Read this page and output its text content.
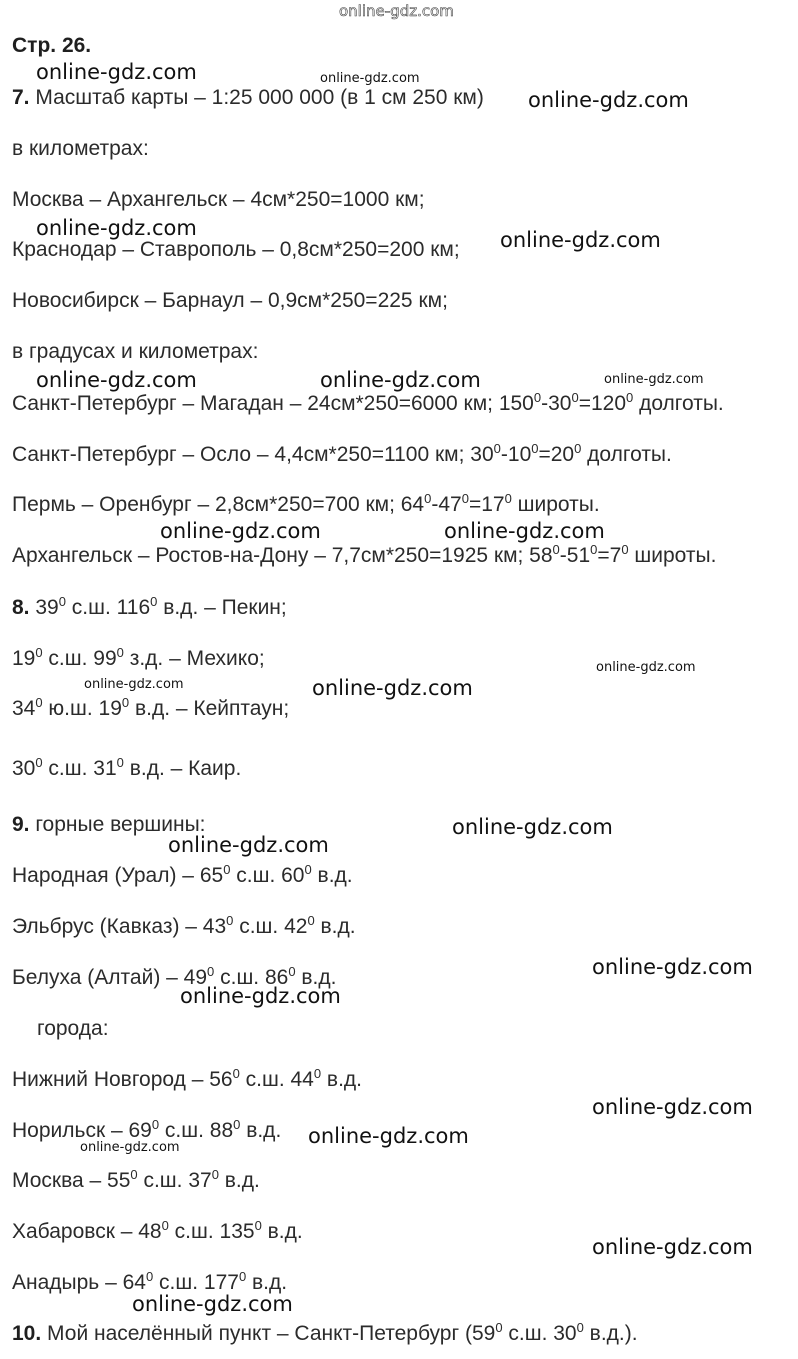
Стр. 26.
7. Масштаб карты – 1:25 000 000 (в 1 см 250 км)
в километрах:
Москва – Архангельск – 4см*250=1000 км;
Краснодар – Ставрополь – 0,8см*250=200 км;
Новосибирск – Барнаул – 0,9см*250=225 км;
в градусах и километрах:
Санкт-Петербург – Магадан – 24см*250=6000 км; $150^0-30^0=120^0$ долготы.
Санкт-Петербург – Осло – 4,4см*250=1100 км; $30^0-10^0=20^0$ долготы.
Пермь – Оренбург – 2,8см*250=700 км; $64^0-47^0=17^0$ широты.
Архангельск – Ростов-на-Дону – 7,7см*250=1925 км; $58^0-51^0=7^0$ широты.
8. $39^0$ с.ш. $116^0$ в.д. – Пекин;
$19^0$ с.ш. $99^0$ з.д. – Мехико;
$34^0$ ю.ш. $19^0$ в.д. – Кейптаун;
$30^0$ с.ш. $31^0$ в.д. – Каир.
9. горные вершины:
Народная (Урал) – $65^0$ с.ш. $60^0$ в.д.
Эльбрус (Кавказ) – $43^0$ с.ш. $42^0$ в.д.
Белуха (Алтай) – $49^0$ с.ш. $86^0$ в.д.
города:
Нижний Новгород – $56^0$ с.ш. $44^0$ в.д.
Норильск – $69^0$ с.ш. $88^0$ в.д.
Москва – $55^0$ с.ш. $37^0$ в.д.
Хабаровск – $48^0$ с.ш. $135^0$ в.д.
Анадырь – $64^0$ с.ш. $177^0$ в.д.
10. Мой населённый пункт – Санкт-Петербург ($59^0$ с.ш. $30^0$ в.д.).
online-gdz.com
online-gdz.com	online-gdz.com
online-gdz.com
online-gdz.com	online-gdz.com
online-gdz.com	online-gdz.com	online-gdz.com
online-gdz.com	online-gdz.com
online-gdz.com
online-gdz.com	online-gdz.com
online-gdz.com
online-gdz.com
online-gdz.com
online-gdz.com
online-gdz.com
online-gdz.com
online-gdz.com
online-gdz.com
online-gdz.com
